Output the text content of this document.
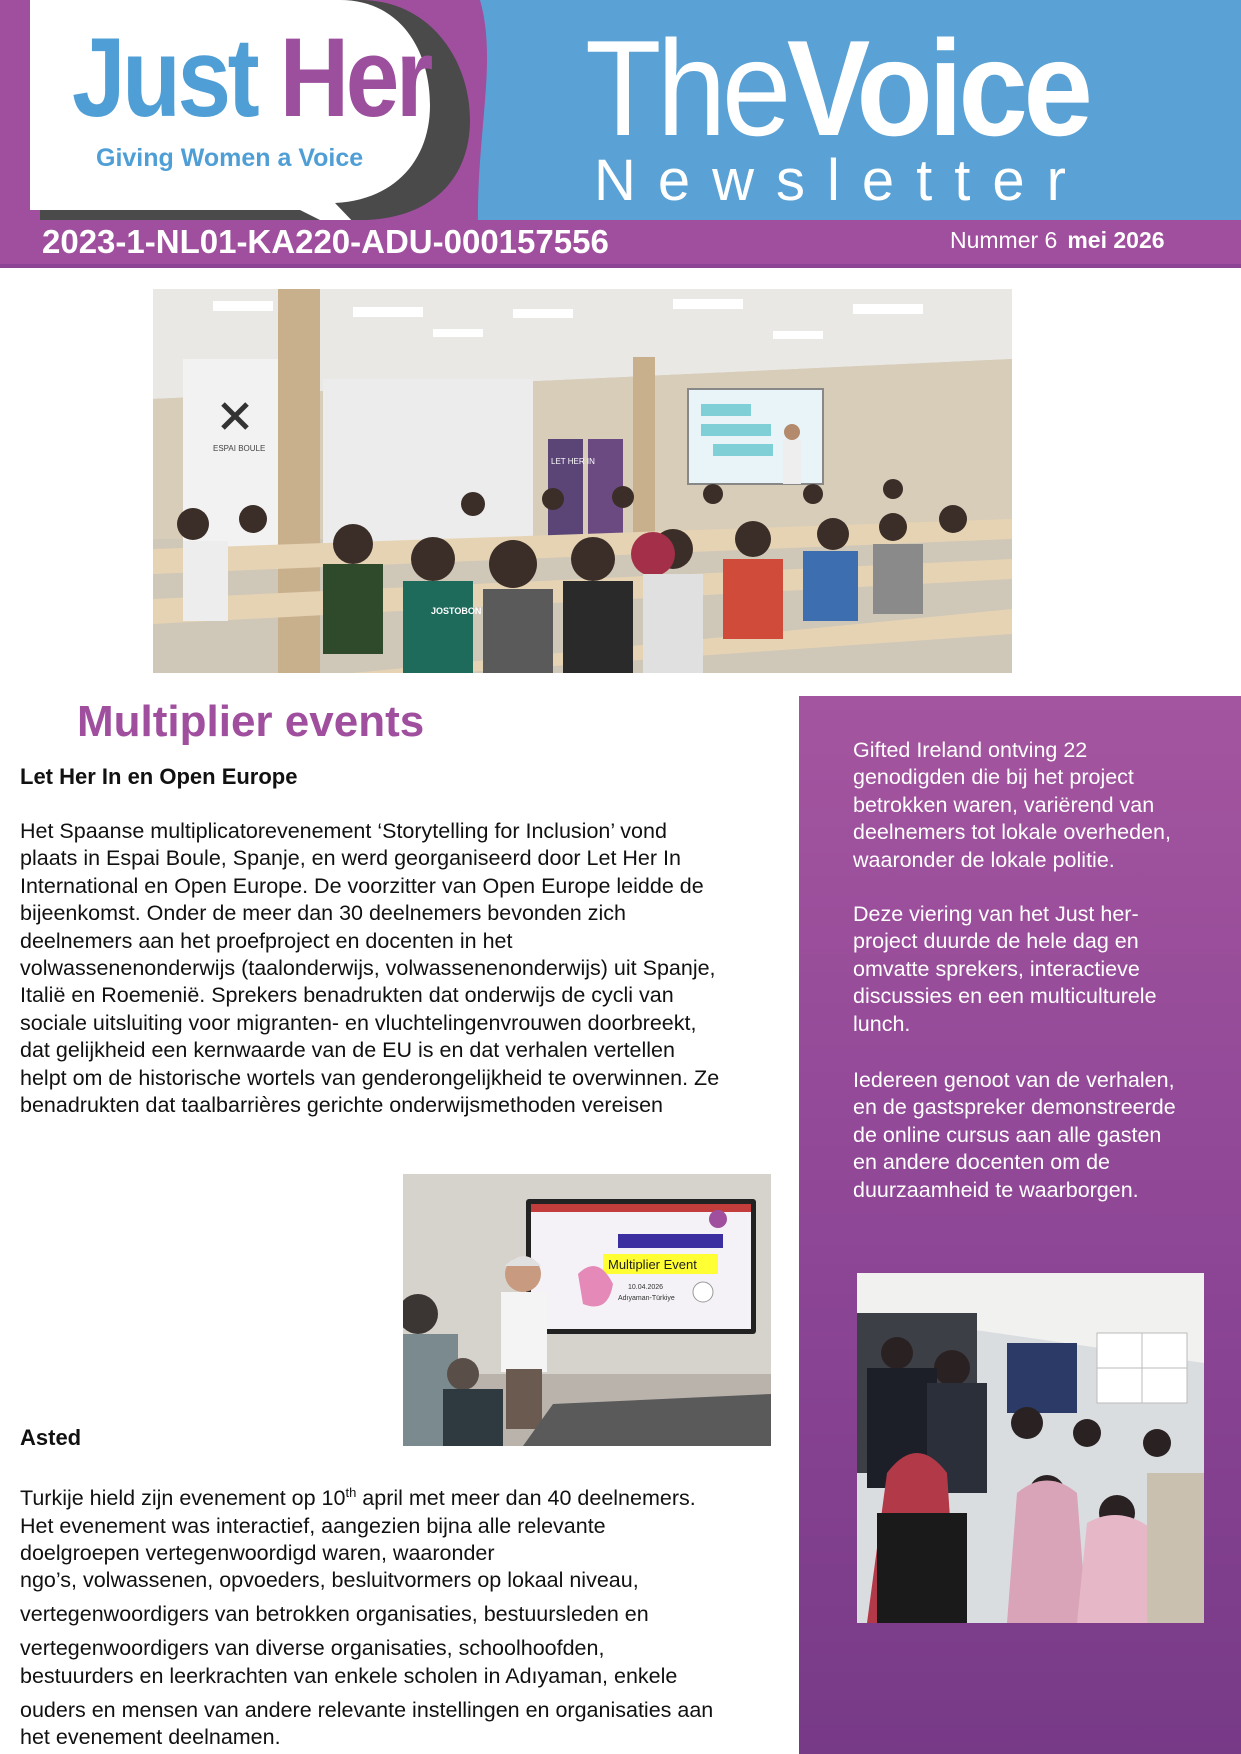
Just Her
Giving Women a Voice TheVoice
Newsletter
2023-1-NL01-KA220-ADU-000157556	Nummer 6 mei 2026
ESPAI BOULE
LET HER IN
JOSTOBON

Gifted Ireland ontving 22

genodigden die bij het project

betrokken waren, variërend van

deelnemers tot lokale overheden,

waaronder de lokale politie.

Deze viering van het Just her-

project duurde de hele dag en

omvatte sprekers, interactieve

discussies en een multiculturele

lunch.

Iedereen genoot van de verhalen,

en de gastspreker demonstreerde

de online cursus aan alle gasten

en andere docenten om de

duurzaamheid te waarborgen.

Multiplier events
Let Her In en Open Europe

Het Spaanse multiplicatorevenement ‘Storytelling for Inclusion’ vond

plaats in Espai Boule, Spanje, en werd georganiseerd door Let Her In

International en Open Europe. De voorzitter van Open Europe leidde de

bijeenkomst. Onder de meer dan 30 deelnemers bevonden zich

deelnemers aan het proefproject en docenten in het

volwassenenonderwijs (taalonderwijs, volwassenenonderwijs) uit Spanje,

Italië en Roemenië. Sprekers benadrukten dat onderwijs de cycli van

sociale uitsluiting voor migranten- en vluchtelingenvrouwen doorbreekt,

dat gelijkheid een kernwaarde van de EU is en dat verhalen vertellen

helpt om de historische wortels van genderongelijkheid te overwinnen. Ze

benadrukten dat taalbarrières gerichte onderwijsmethoden vereisen

Multiplier Event
10.04.2026
Adıyaman-Türkiye
Asted

Turkije hield zijn evenement op 10th april met meer dan 40 deelnemers.

Het evenement was interactief, aangezien bijna alle relevante

doelgroepen vertegenwoordigd waren, waaronder

ngo’s, volwassenen, opvoeders, besluitvormers op lokaal niveau,

vertegenwoordigers van betrokken organisaties, bestuursleden en

vertegenwoordigers van diverse organisaties, schoolhoofden,

bestuurders en leerkrachten van enkele scholen in Adıyaman, enkele

ouders en mensen van andere relevante instellingen en organisaties aan

het evenement deelnamen.
